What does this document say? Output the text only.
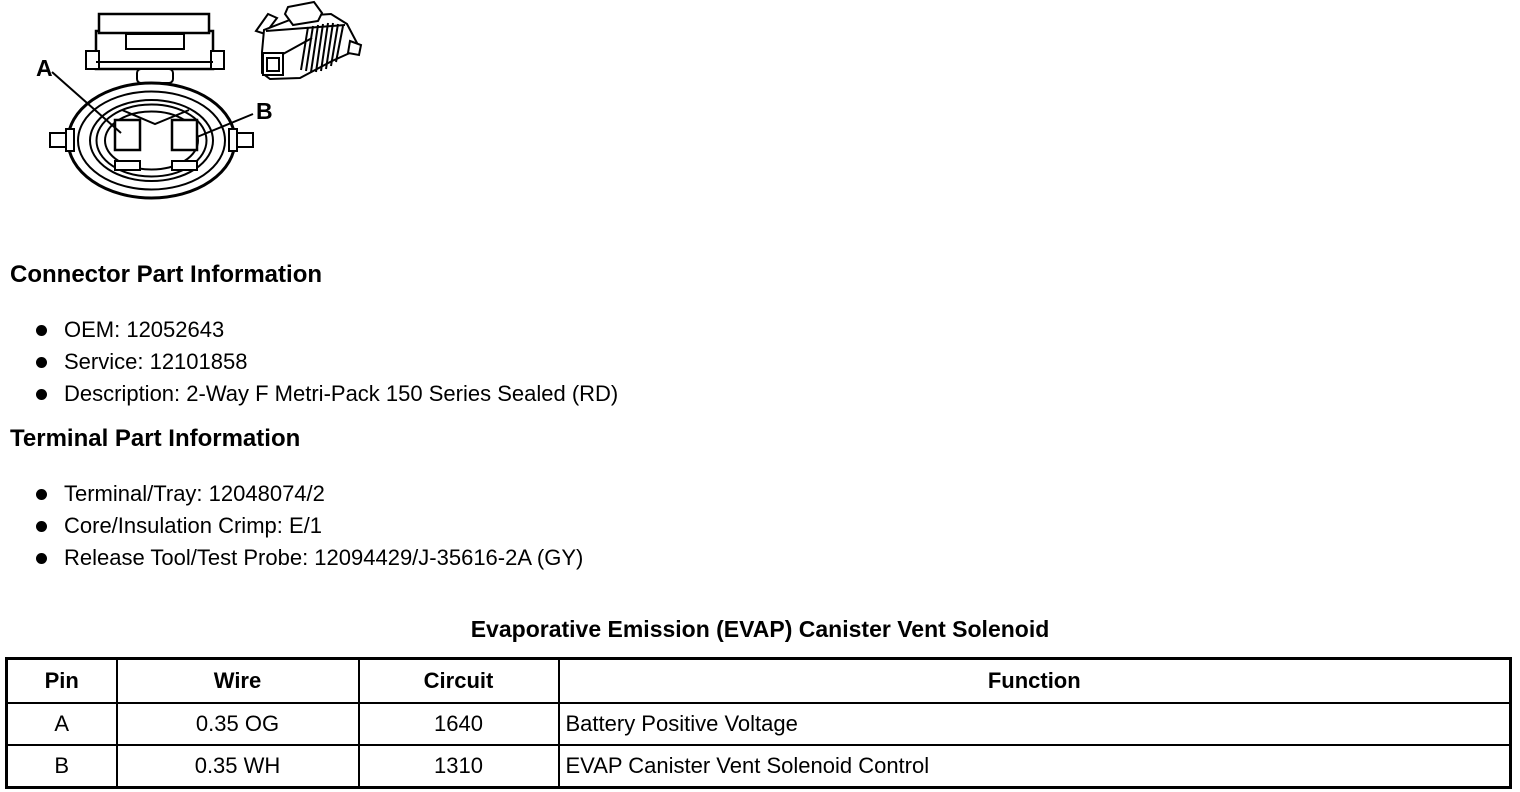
A
B
Connector Part Information
OEM: 12052643
Service: 12101858
Description: 2-Way F Metri-Pack 150 Series Sealed (RD)
Terminal Part Information
Terminal/Tray: 12048074/2
Core/Insulation Crimp: E/1
Release Tool/Test Probe: 12094429/J-35616-2A (GY)
Evaporative Emission (EVAP) Canister Vent Solenoid
Pin	Wire	Circuit	Function
A	0.35 OG	1640	Battery Positive Voltage
B	0.35 WH	1310	EVAP Canister Vent Solenoid Control
